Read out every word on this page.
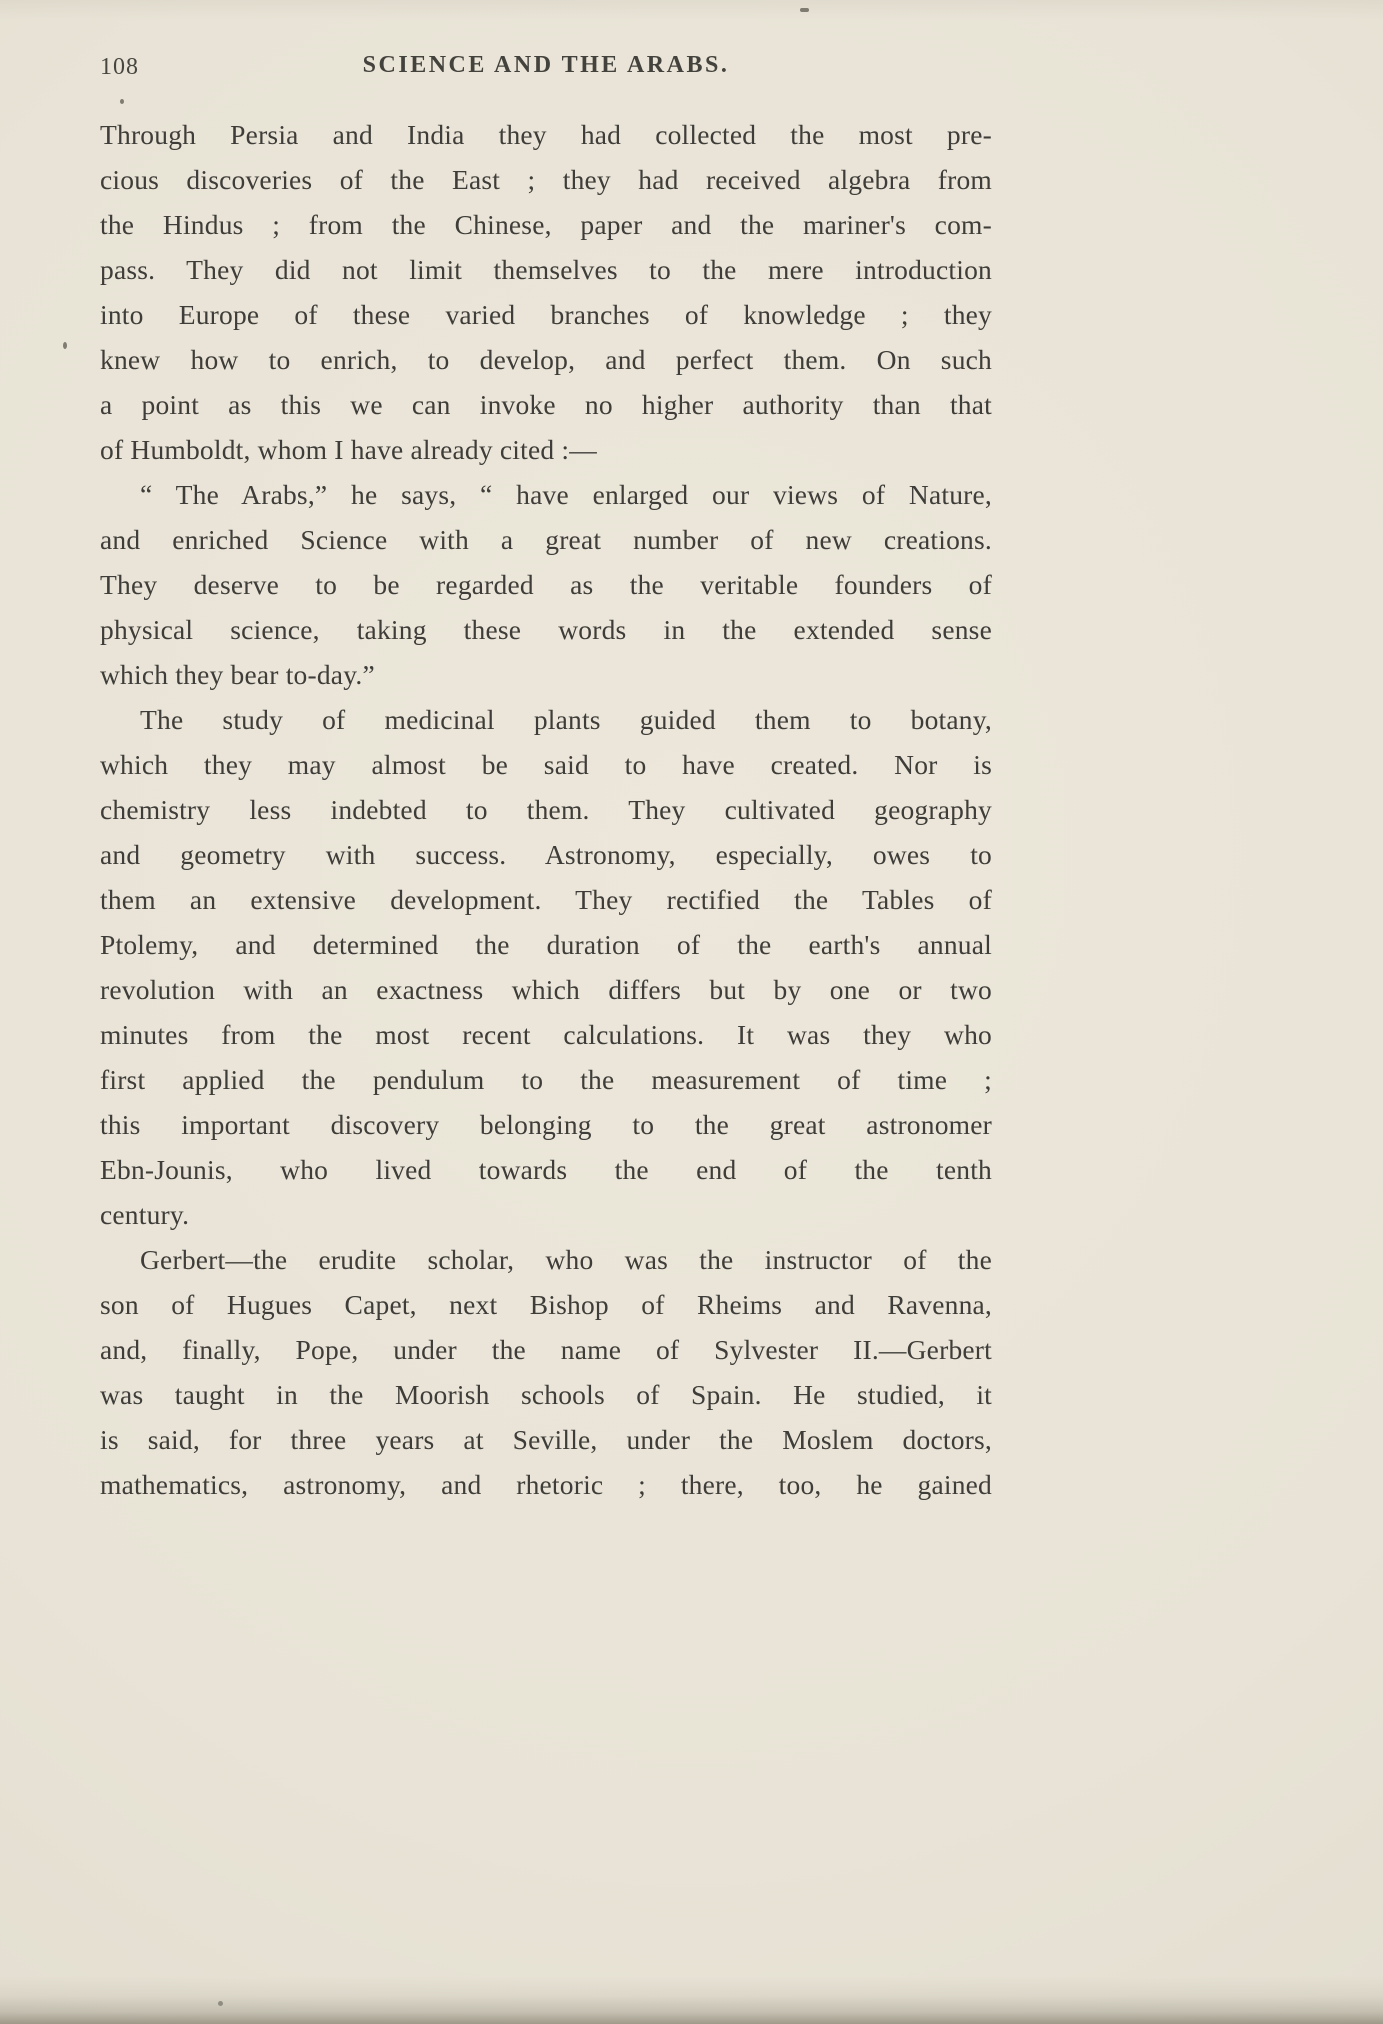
108	SCIENCE AND THE ARABS.
Through Persia and India they had collected the most pre-
cious discoveries of the East ; they had received algebra from
the Hindus ; from the Chinese, paper and the mariner's com-
pass. They did not limit themselves to the mere introduction
into Europe of these varied branches of knowledge ; they
knew how to enrich, to develop, and perfect them. On such
a point as this we can invoke no higher authority than that
of Humboldt, whom I have already cited :—
“ The Arabs,” he says, “ have enlarged our views of Nature,
and enriched Science with a great number of new creations.
They deserve to be regarded as the veritable founders of
physical science, taking these words in the extended sense
which they bear to-day.”
The study of medicinal plants guided them to botany,
which they may almost be said to have created. Nor is
chemistry less indebted to them. They cultivated geography
and geometry with success. Astronomy, especially, owes to
them an extensive development. They rectified the Tables of
Ptolemy, and determined the duration of the earth's annual
revolution with an exactness which differs but by one or two
minutes from the most recent calculations. It was they who
first applied the pendulum to the measurement of time ;
this important discovery belonging to the great astronomer
Ebn-Jounis, who lived towards the end of the tenth
century.
Gerbert—the erudite scholar, who was the instructor of the
son of Hugues Capet, next Bishop of Rheims and Ravenna,
and, finally, Pope, under the name of Sylvester II.—Gerbert
was taught in the Moorish schools of Spain. He studied, it
is said, for three years at Seville, under the Moslem doctors,
mathematics, astronomy, and rhetoric ; there, too, he gained
